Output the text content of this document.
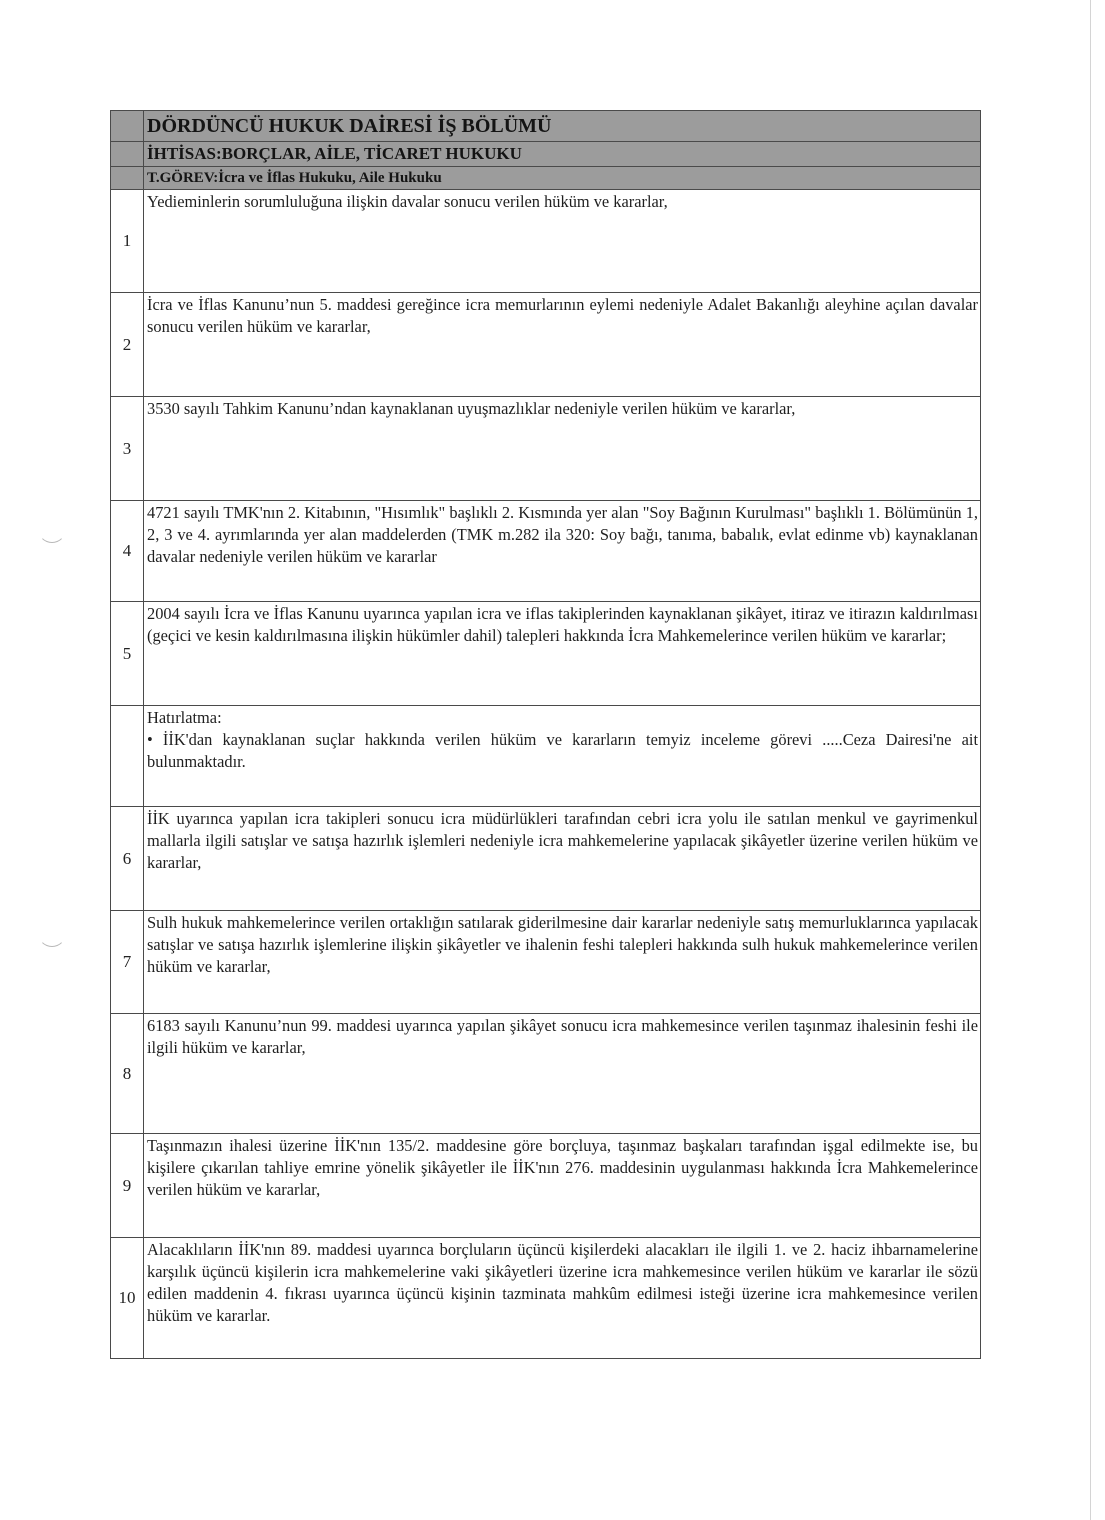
	DÖRDÜNCÜ HUKUK DAİRESİ İŞ BÖLÜMÜ
	İHTİSAS:BORÇLAR, AİLE, TİCARET HUKUKU
	T.GÖREV:İcra ve İflas Hukuku, Aile Hukuku
1	Yedieminlerin sorumluluğuna ilişkin davalar sonucu verilen hüküm ve kararlar,
2	İcra ve İflas Kanunu’nun 5. maddesi gereğince icra memurlarının eylemi nedeniyle Adalet Bakanlığı aleyhine açılan davalar sonucu verilen hüküm ve kararlar,
3	3530 sayılı Tahkim Kanunu’ndan kaynaklanan uyuşmazlıklar nedeniyle verilen hüküm ve kararlar,
4	4721 sayılı TMK'nın 2. Kitabının, "Hısımlık" başlıklı 2. Kısmında yer alan "Soy Bağının Kurulması" başlıklı 1. Bölümünün 1, 2, 3 ve 4. ayrımlarında yer alan maddelerden (TMK m.282 ila 320: Soy bağı, tanıma, babalık, evlat edinme vb) kaynaklanan davalar nedeniyle verilen hüküm ve kararlar
5	2004 sayılı İcra ve İflas Kanunu uyarınca yapılan icra ve iflas takiplerinden kaynaklanan şikâyet, itiraz ve itirazın kaldırılması (geçici ve kesin kaldırılmasına ilişkin hükümler dahil) talepleri hakkında İcra Mahkemelerince verilen hüküm ve kararlar;

	Hatırlatma:
• İİK'dan kaynaklanan suçlar hakkında verilen hüküm ve kararların temyiz inceleme görevi .....Ceza Dairesi'ne ait bulunmaktadır.

6	İİK uyarınca yapılan icra takipleri sonucu icra müdürlükleri tarafından cebri icra yolu ile satılan menkul ve gayrimenkul mallarla ilgili satışlar ve satışa hazırlık işlemleri nedeniyle icra mahkemelerine yapılacak şikâyetler üzerine verilen hüküm ve kararlar,
7	Sulh hukuk mahkemelerince verilen ortaklığın satılarak giderilmesine dair kararlar nedeniyle satış memurluklarınca yapılacak satışlar ve satışa hazırlık işlemlerine ilişkin şikâyetler ve ihalenin feshi talepleri hakkında sulh hukuk mahkemelerince verilen hüküm ve kararlar,
8	6183 sayılı Kanunu’nun 99. maddesi uyarınca yapılan şikâyet sonucu icra mahkemesince verilen taşınmaz ihalesinin feshi ile ilgili hüküm ve kararlar,
9	Taşınmazın ihalesi üzerine İİK'nın 135/2. maddesine göre borçluya, taşınmaz başkaları tarafından işgal edilmekte ise, bu kişilere çıkarılan tahliye emrine yönelik şikâyetler ile İİK'nın 276. maddesinin uygulanması hakkında İcra Mahkemelerince verilen hüküm ve kararlar,
10	Alacaklıların İİK'nın 89. maddesi uyarınca borçluların üçüncü kişilerdeki alacakları ile ilgili 1. ve 2. haciz ihbarnamelerine karşılık üçüncü kişilerin icra mahkemelerine vaki şikâyetleri üzerine icra mahkemesince verilen hüküm ve kararlar ile sözü edilen maddenin 4. fıkrası uyarınca üçüncü kişinin tazminata mahkûm edilmesi isteği üzerine icra mahkemesince verilen hüküm ve kararlar.
